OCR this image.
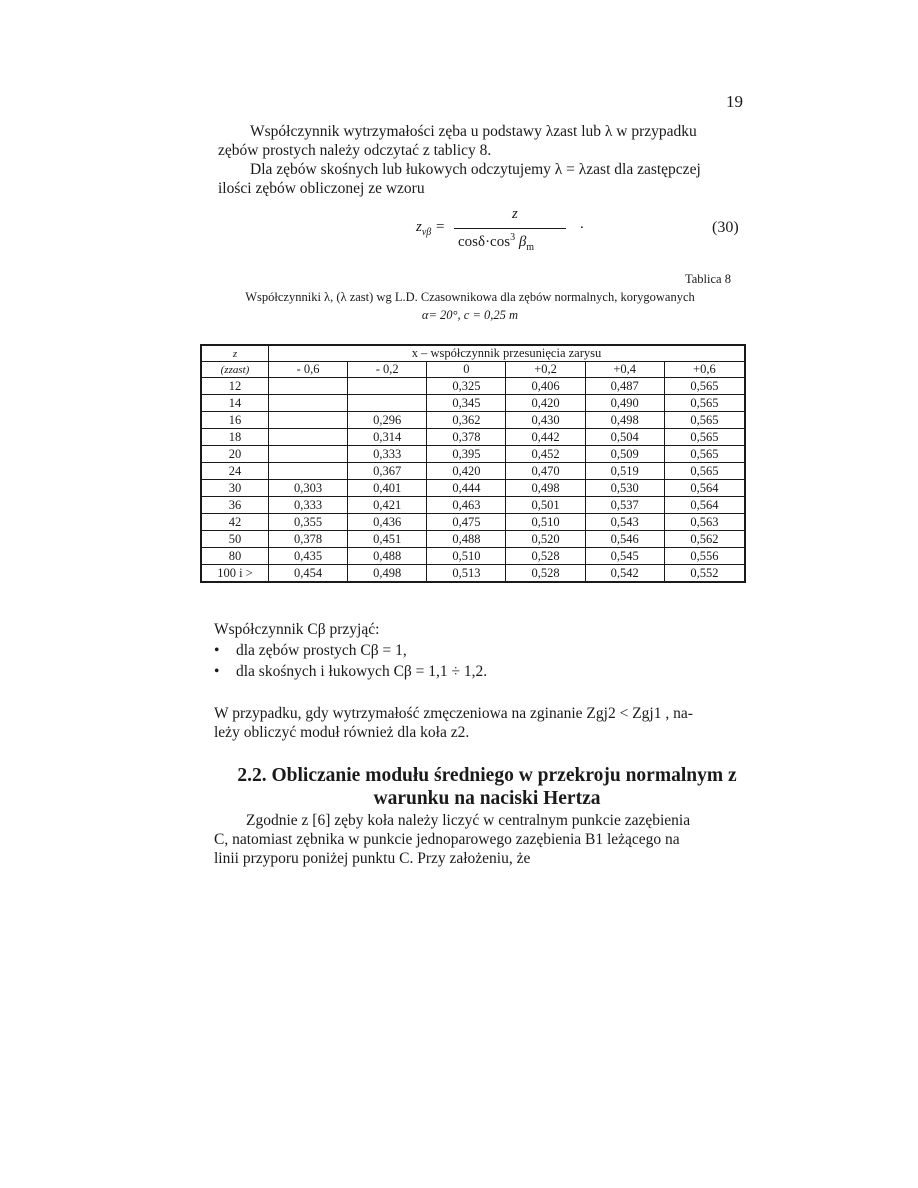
19
Współczynnik wytrzymałości zęba u podstawy λzast lub λ w przypadku
zębów prostych należy odczytać z tablicy 8.
Dla zębów skośnych lub łukowych odczytujemy λ = λzast dla zastępczej
ilości zębów obliczonej ze wzoru
$z_{v\beta}$ =
z
$\cos\delta\cdot\cos^3$ $\beta_m$
.	(30)
Tablica 8
Współczynniki λ, (λ zast) wg L.D. Czasownikowa dla zębów normalnych, korygowanych
α= 20°, c = 0,25 m
z	x – współczynnik przesunięcia zarysu					
(zzast)	- 0,6	- 0,2	0	+0,2	+0,4	+0,6
12			0,325	0,406	0,487	0,565
14			0,345	0,420	0,490	0,565
16		0,296	0,362	0,430	0,498	0,565
18		0,314	0,378	0,442	0,504	0,565
20		0,333	0,395	0,452	0,509	0,565
24		0,367	0,420	0,470	0,519	0,565
30	0,303	0,401	0,444	0,498	0,530	0,564
36	0,333	0,421	0,463	0,501	0,537	0,564
42	0,355	0,436	0,475	0,510	0,543	0,563
50	0,378	0,451	0,488	0,520	0,546	0,562
80	0,435	0,488	0,510	0,528	0,545	0,556
100 i >	0,454	0,498	0,513	0,528	0,542	0,552
Współczynnik Cβ przyjąć:
• dla zębów prostych Cβ = 1,
• dla skośnych i łukowych Cβ = 1,1 ÷ 1,2.
W przypadku, gdy wytrzymałość zmęczeniowa na zginanie Zgj2 < Zgj1 , na-
leży obliczyć moduł również dla koła z2.
2.2. Obliczanie modułu średniego w przekroju normalnym z
warunku na naciski Hertza
Zgodnie z [6] zęby koła należy liczyć w centralnym punkcie zazębienia
C, natomiast zębnika w punkcie jednoparowego zazębienia B1 leżącego na
linii przyporu poniżej punktu C. Przy założeniu, że
